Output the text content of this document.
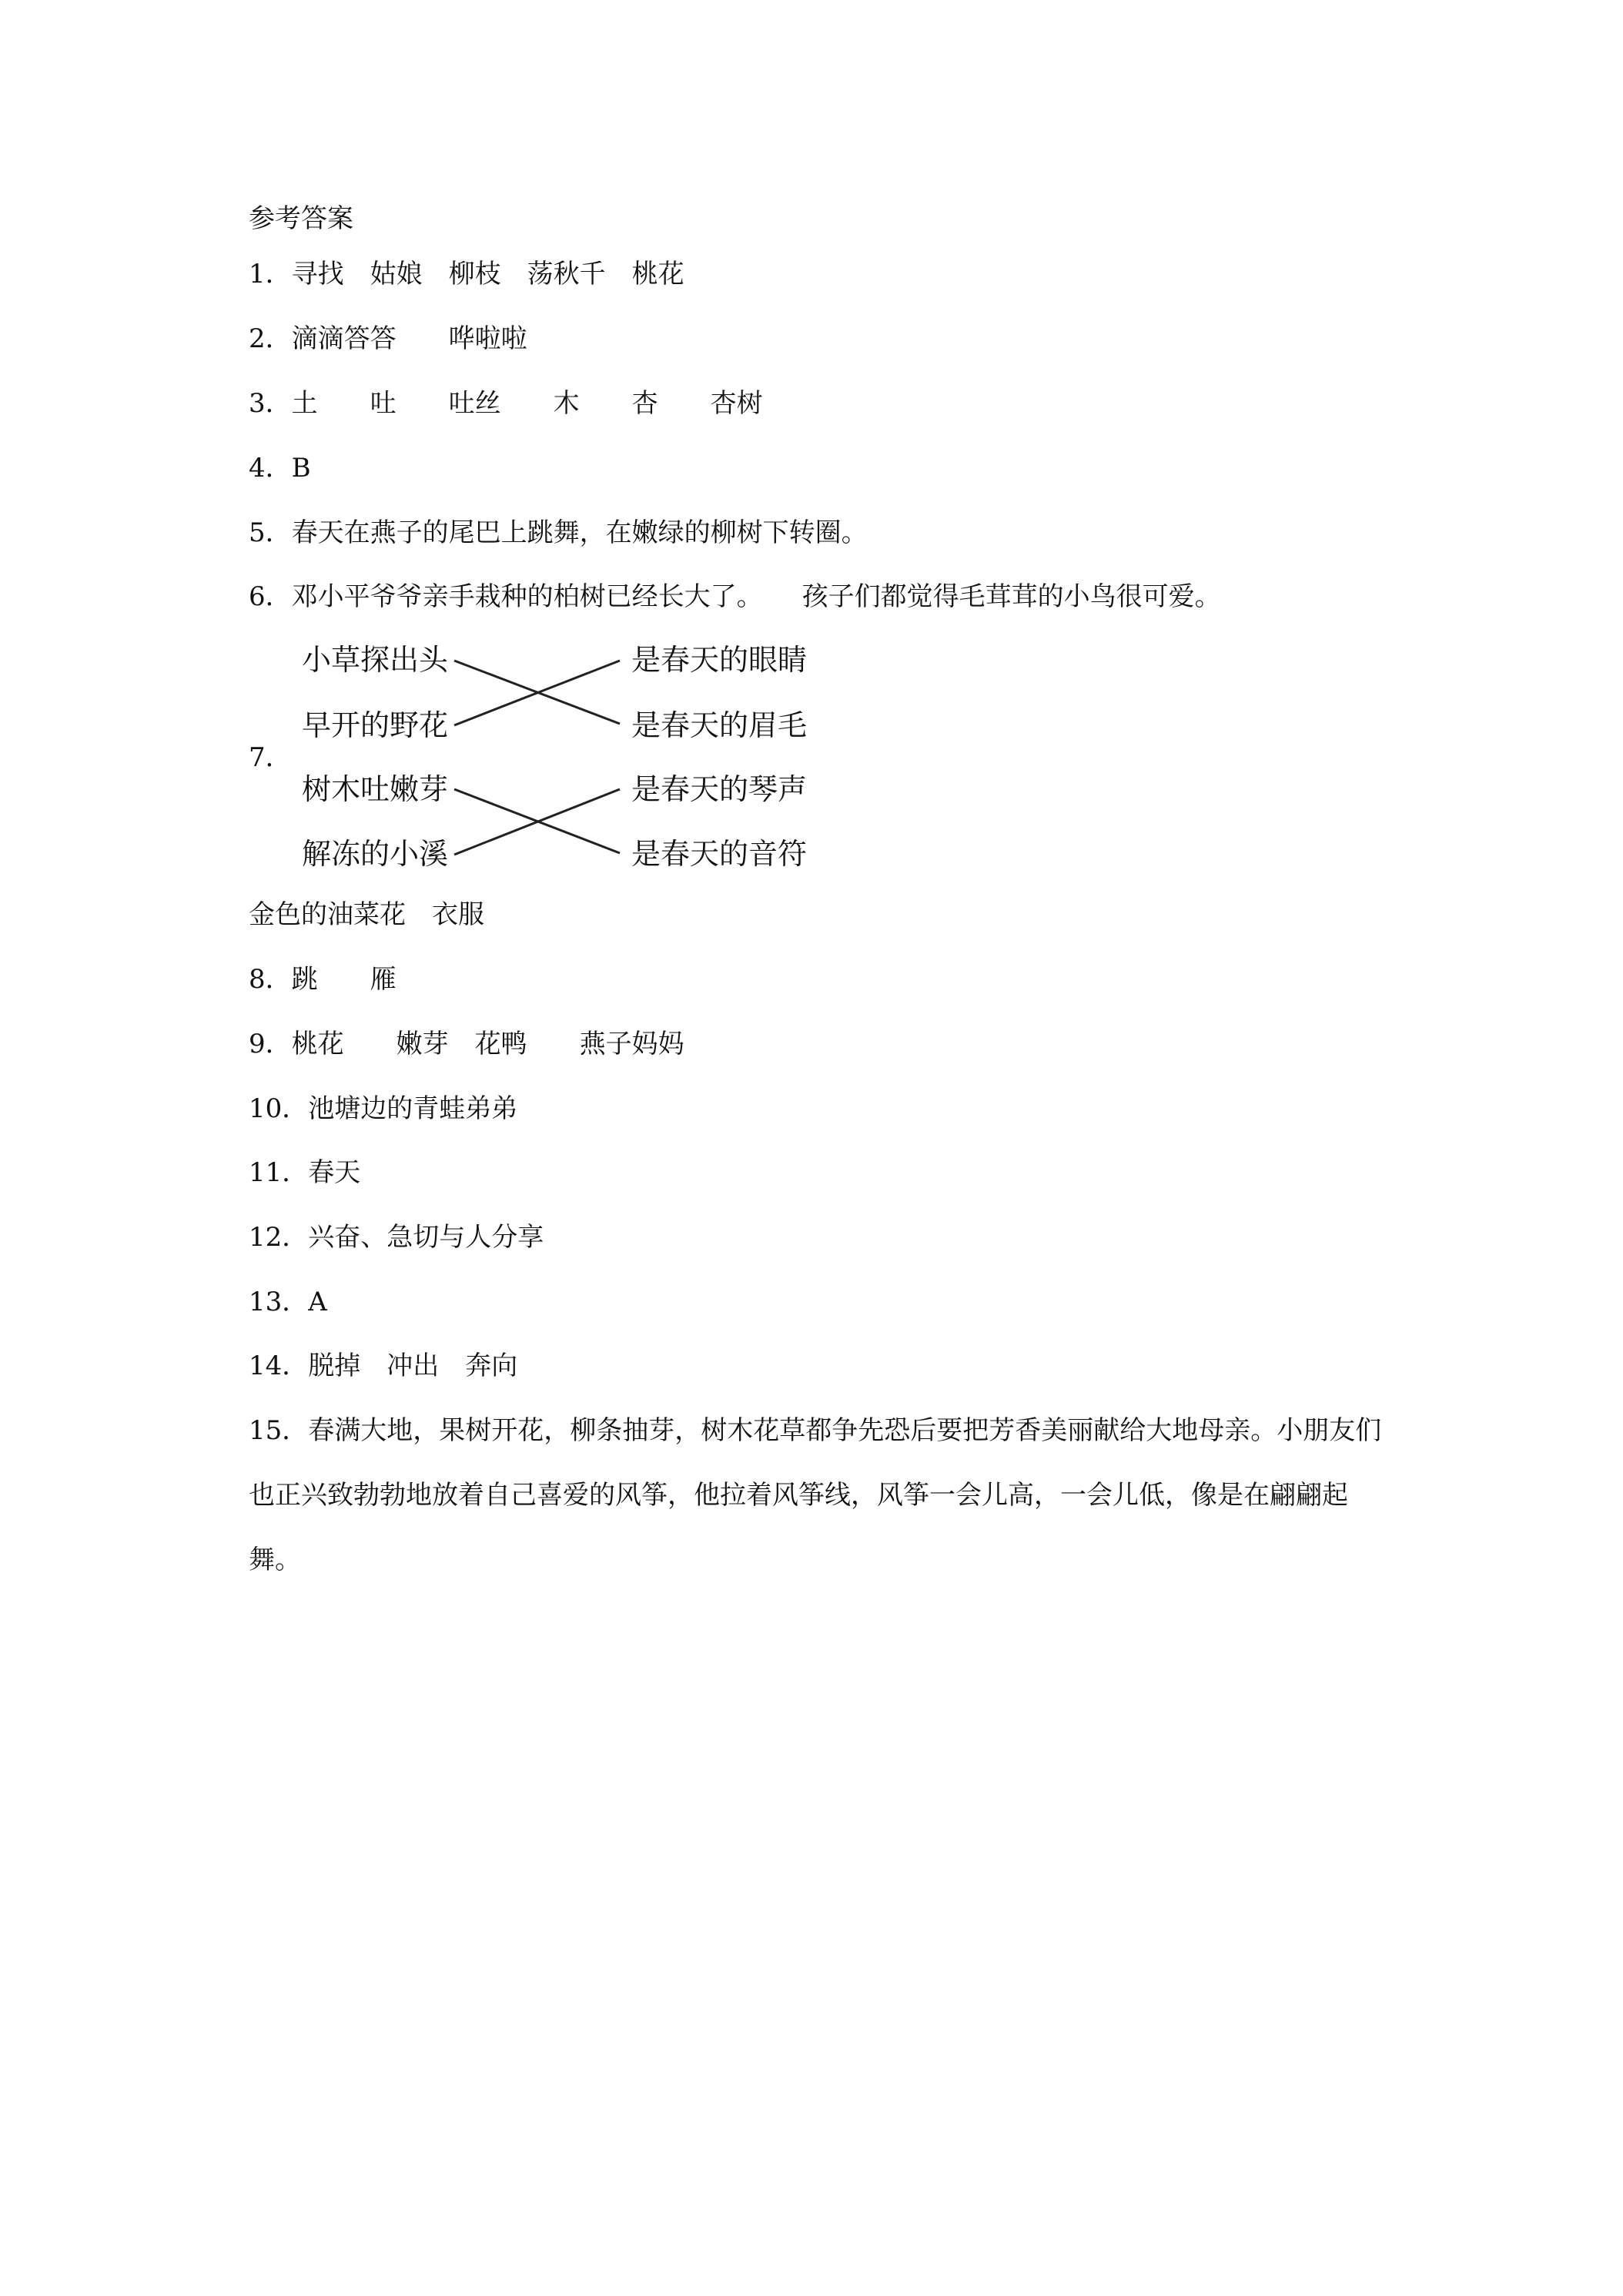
参考答案
1．寻找　姑娘　柳枝　荡秋千　桃花
2．滴滴答答　　哗啦啦
3．土　　吐　　吐丝　　木　　杏　　杏树
4．B
5．春天在燕子的尾巴上跳舞，在嫩绿的柳树下转圈。
6．邓小平爷爷亲手栽种的柏树已经长大了。　　孩子们都觉得毛茸茸的小鸟很可爱。
7．
小草探出头
早开的野花
树木吐嫩芽
解冻的小溪
是春天的眼睛
是春天的眉毛
是春天的琴声
是春天的音符
金色的油菜花　衣服
8．跳　　雁
9．桃花　　嫩芽　花鸭　　燕子妈妈
10．池塘边的青蛙弟弟
11．春天
12．兴奋、急切与人分享
13．A
14．脱掉　冲出　奔向
15．春满大地，果树开花，柳条抽芽，树木花草都争先恐后要把芳香美丽献给大地母亲。小朋友们也正兴致勃勃地放着自己喜爱的风筝，他拉着风筝线，风筝一会儿高，一会儿低，像是在翩翩起舞。
